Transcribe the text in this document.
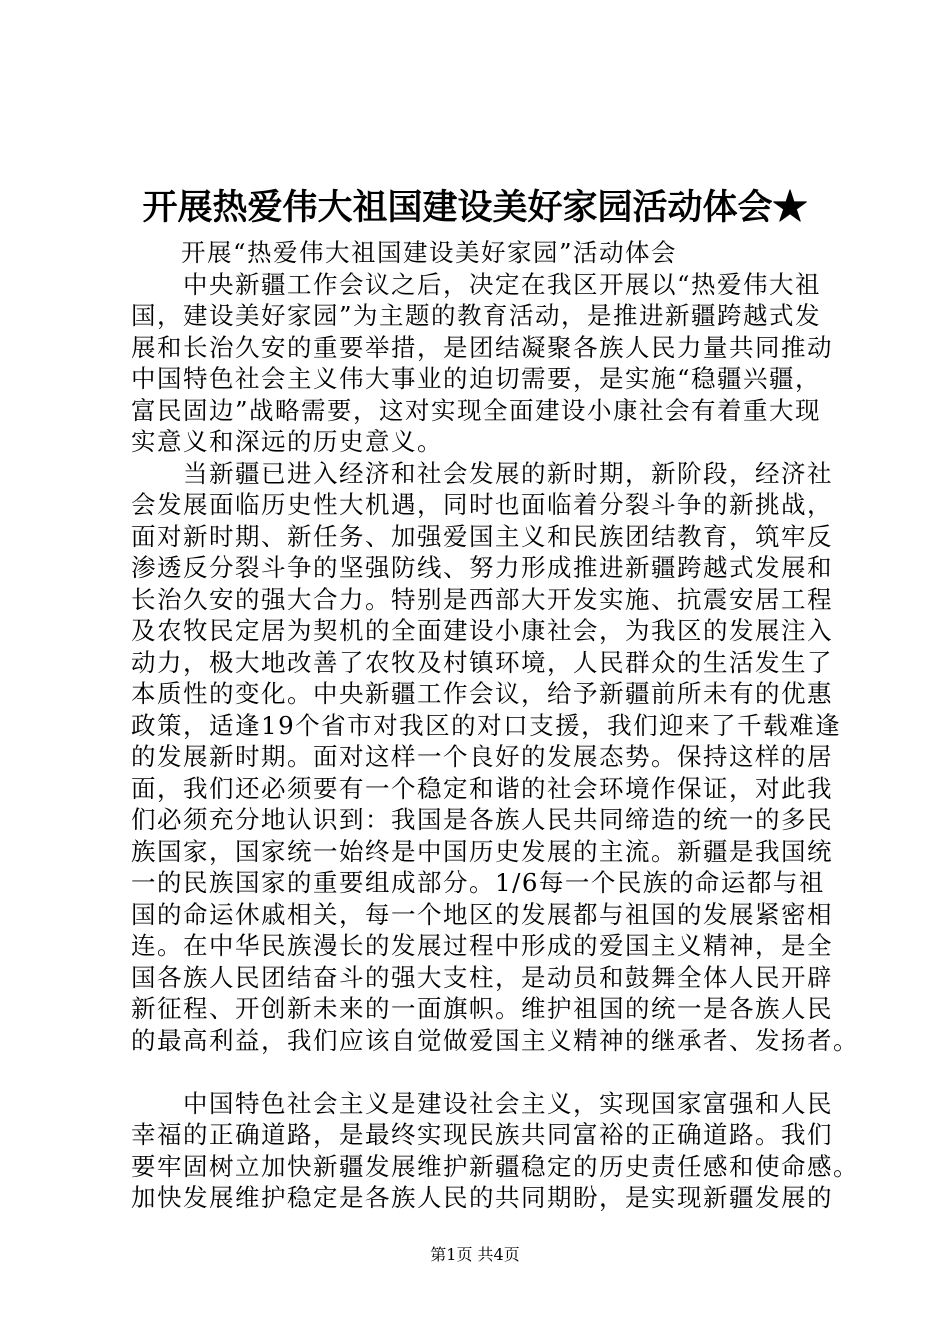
开展热爱伟大祖国建设美好家园活动体会★
开展“热爱伟大祖国建设美好家园”活动体会
中央新疆工作会议之后，决定在我区开展以“热爱伟大祖
国，建设美好家园”为主题的教育活动，是推进新疆跨越式发
展和长治久安的重要举措，是团结凝聚各族人民力量共同推动
中国特色社会主义伟大事业的迫切需要，是实施“稳疆兴疆，
富民固边”战略需要，这对实现全面建设小康社会有着重大现
实意义和深远的历史意义。
当新疆已进入经济和社会发展的新时期，新阶段，经济社
会发展面临历史性大机遇，同时也面临着分裂斗争的新挑战，
面对新时期、新任务、加强爱国主义和民族团结教育，筑牢反
渗透反分裂斗争的坚强防线、努力形成推进新疆跨越式发展和
长治久安的强大合力。特别是西部大开发实施、抗震安居工程
及农牧民定居为契机的全面建设小康社会，为我区的发展注入
动力，极大地改善了农牧及村镇环境，人民群众的生活发生了
本质性的变化。中央新疆工作会议，给予新疆前所未有的优惠
政策，适逢19个省市对我区的对口支援，我们迎来了千载难逢
的发展新时期。面对这样一个良好的发展态势。保持这样的居
面，我们还必须要有一个稳定和谐的社会环境作保证，对此我
们必须充分地认识到：我国是各族人民共同缔造的统一的多民
族国家，国家统一始终是中国历史发展的主流。新疆是我国统
一的民族国家的重要组成部分。1/6每一个民族的命运都与祖
国的命运休戚相关，每一个地区的发展都与祖国的发展紧密相
连。在中华民族漫长的发展过程中形成的爱国主义精神，是全
国各族人民团结奋斗的强大支柱，是动员和鼓舞全体人民开辟
新征程、开创新未来的一面旗帜。维护祖国的统一是各族人民
的最高利益，我们应该自觉做爱国主义精神的继承者、发扬者。
中国特色社会主义是建设社会主义，实现国家富强和人民
幸福的正确道路，是最终实现民族共同富裕的正确道路。我们
要牢固树立加快新疆发展维护新疆稳定的历史责任感和使命感。
加快发展维护稳定是各族人民的共同期盼，是实现新疆发展的
第1页 共4页
